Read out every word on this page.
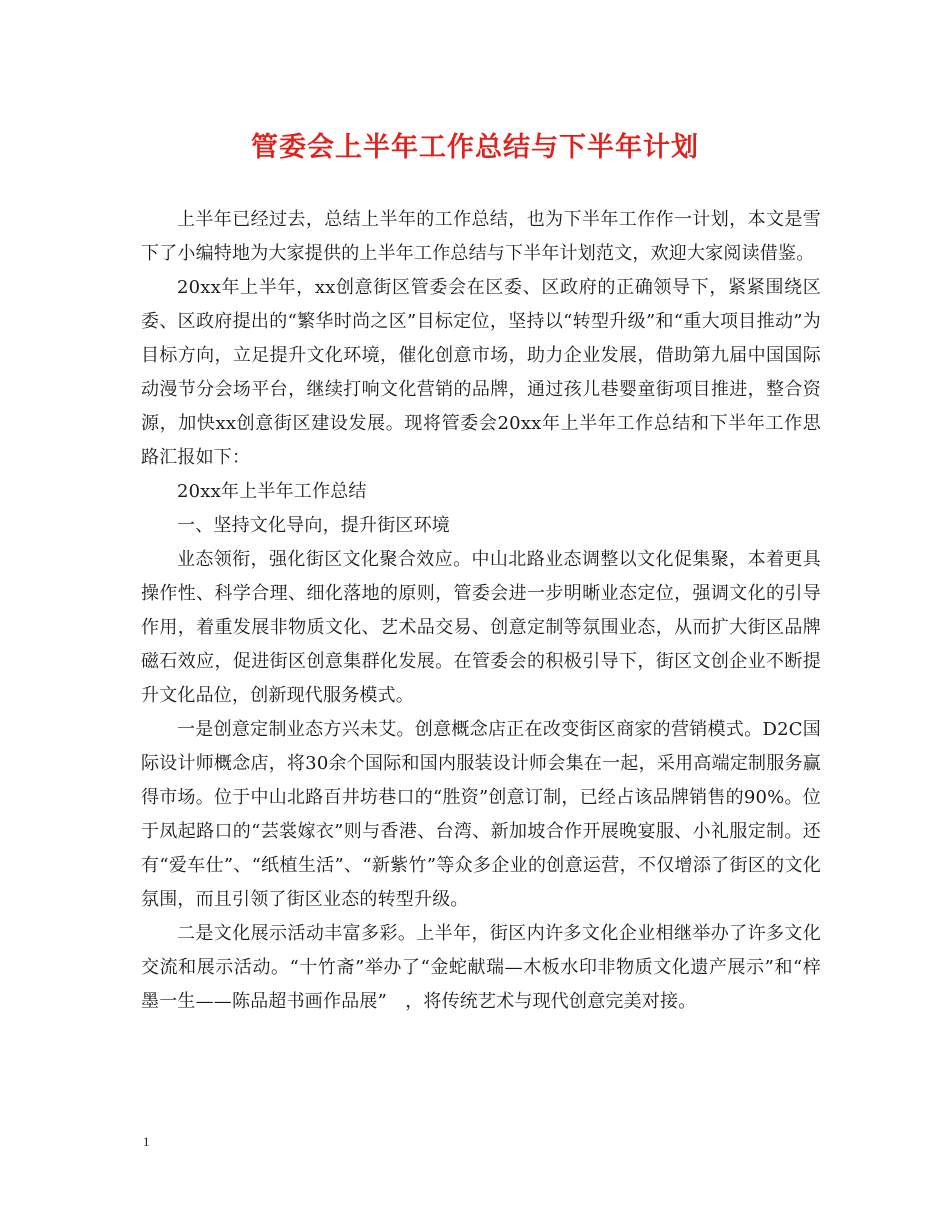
管委会上半年工作总结与下半年计划

上半年已经过去，总结上半年的工作总结，也为下半年工作作一计划，本文是雪下了小编特地为大家提供的上半年工作总结与下半年计划范文，欢迎大家阅读借鉴。

20xx年上半年，xx创意街区管委会在区委、区政府的正确领导下，紧紧围绕区委、区政府提出的“繁华时尚之区”目标定位，坚持以“转型升级”和“重大项目推动”为目标方向，立足提升文化环境，催化创意市场，助力企业发展，借助第九届中国国际动漫节分会场平台，继续打响文化营销的品牌，通过孩儿巷婴童街项目推进，整合资源，加快xx创意街区建设发展。现将管委会20xx年上半年工作总结和下半年工作思路汇报如下：

20xx年上半年工作总结

一、坚持文化导向，提升街区环境

业态领衔，强化街区文化聚合效应。中山北路业态调整以文化促集聚，本着更具操作性、科学合理、细化落地的原则，管委会进一步明晰业态定位，强调文化的引导作用，着重发展非物质文化、艺术品交易、创意定制等氛围业态，从而扩大街区品牌磁石效应，促进街区创意集群化发展。在管委会的积极引导下，街区文创企业不断提升文化品位，创新现代服务模式。

一是创意定制业态方兴未艾。创意概念店正在改变街区商家的营销模式。D2C国际设计师概念店，将30余个国际和国内服装设计师会集在一起，采用高端定制服务赢得市场。位于中山北路百井坊巷口的“胜资”创意订制，已经占该品牌销售的90%。位于凤起路口的“芸裳嫁衣”则与香港、台湾、新加坡合作开展晚宴服、小礼服定制。还有“爱车仕”、“纸植生活”、“新紫竹”等众多企业的创意运营，不仅增添了街区的文化氛围，而且引领了街区业态的转型升级。

二是文化展示活动丰富多彩。上半年，街区内许多文化企业相继举办了许多文化交流和展示活动。“十竹斋”举办了“金蛇献瑞—木板水印非物质文化遗产展示”和“梓墨一生——陈品超书画作品展”　，将传统艺术与现代创意完美对接。

1
